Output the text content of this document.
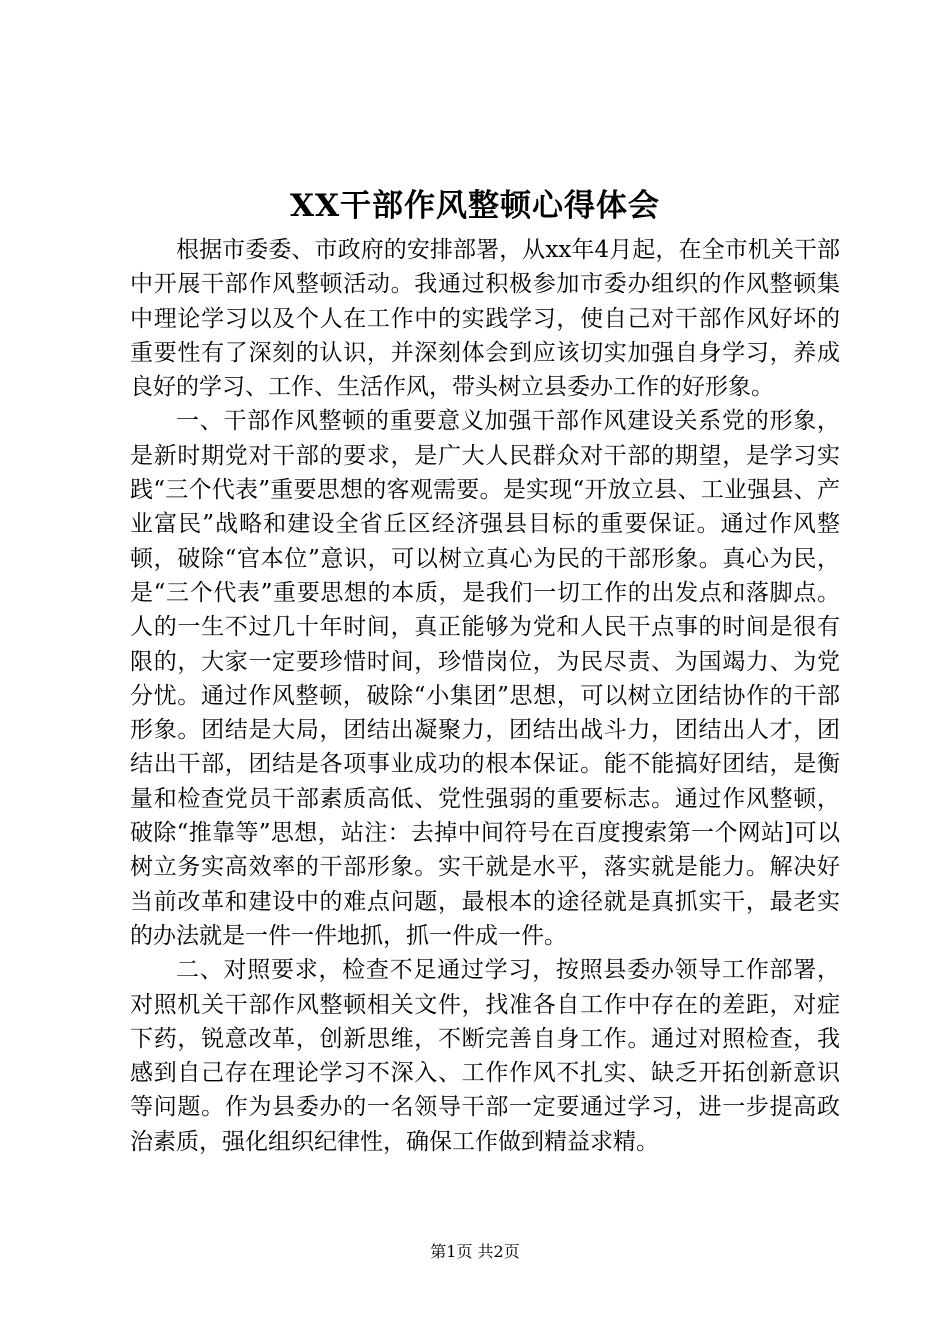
XX干部作风整顿心得体会

根据市委委、市政府的安排部署，从xx年4月起，在全市机关干部中开展干部作风整顿活动。我通过积极参加市委办组织的作风整顿集中理论学习以及个人在工作中的实践学习，使自己对干部作风好坏的重要性有了深刻的认识，并深刻体会到应该切实加强自身学习，养成良好的学习、工作、生活作风，带头树立县委办工作的好形象。

一、干部作风整顿的重要意义加强干部作风建设关系党的形象，是新时期党对干部的要求，是广大人民群众对干部的期望，是学习实践“三个代表”重要思想的客观需要。是实现“开放立县、工业强县、产业富民”战略和建设全省丘区经济强县目标的重要保证。通过作风整顿，破除“官本位”意识，可以树立真心为民的干部形象。真心为民，是“三个代表”重要思想的本质，是我们一切工作的出发点和落脚点。人的一生不过几十年时间，真正能够为党和人民干点事的时间是很有限的，大家一定要珍惜时间，珍惜岗位，为民尽责、为国竭力、为党分忧。通过作风整顿，破除“小集团”思想，可以树立团结协作的干部形象。团结是大局，团结出凝聚力，团结出战斗力，团结出人才，团结出干部，团结是各项事业成功的根本保证。能不能搞好团结，是衡量和检查党员干部素质高低、党性强弱的重要标志。通过作风整顿，破除“推靠等”思想，站注：去掉中间符号在百度搜索第一个网站]可以树立务实高效率的干部形象。实干就是水平，落实就是能力。解决好当前改革和建设中的难点问题，最根本的途径就是真抓实干，最老实的办法就是一件一件地抓，抓一件成一件。

二、对照要求，检查不足通过学习，按照县委办领导工作部署，对照机关干部作风整顿相关文件，找准各自工作中存在的差距，对症下药，锐意改革，创新思维，不断完善自身工作。通过对照检查，我感到自己存在理论学习不深入、工作作风不扎实、缺乏开拓创新意识等问题。作为县委办的一名领导干部一定要通过学习，进一步提高政治素质，强化组织纪律性，确保工作做到精益求精。

第1页 共2页
